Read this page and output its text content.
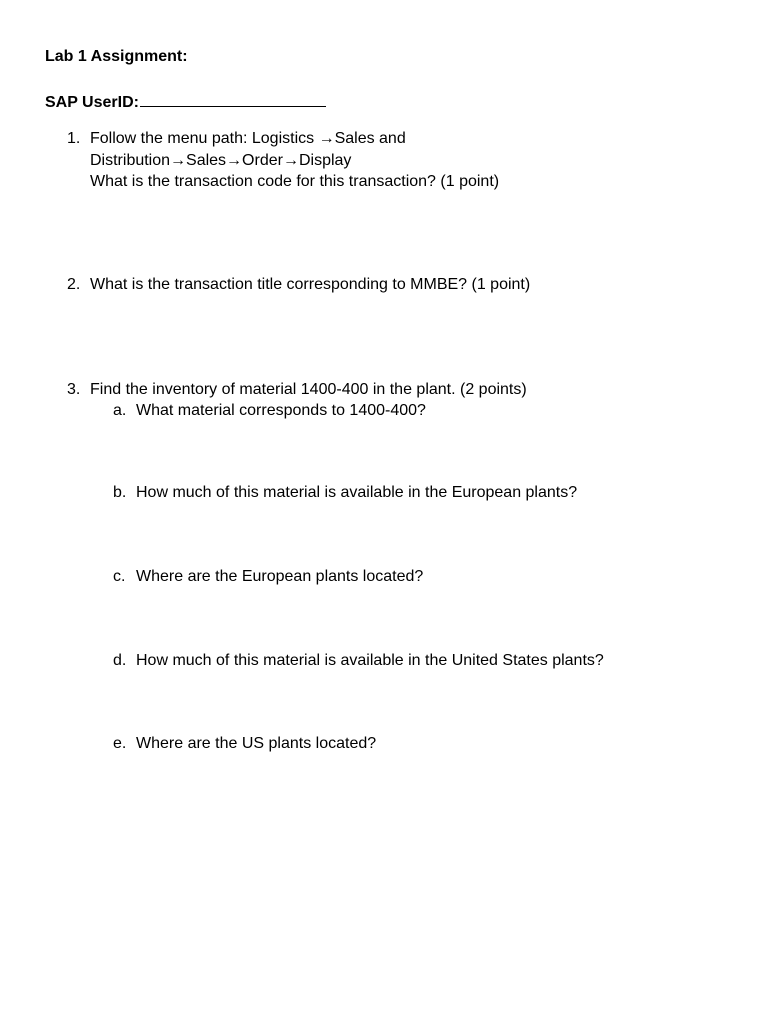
Lab 1 Assignment:
SAP UserID:
1. Follow the menu path: Logistics →Sales and
Distribution→Sales→Order→Display
What is the transaction code for this transaction? (1 point)
2. What is the transaction title corresponding to MMBE? (1 point)
3. Find the inventory of material 1400-400 in the plant. (2 points)
a. What material corresponds to 1400-400?
b. How much of this material is available in the European plants?
c. Where are the European plants located?
d. How much of this material is available in the United States plants?
e. Where are the US plants located?
